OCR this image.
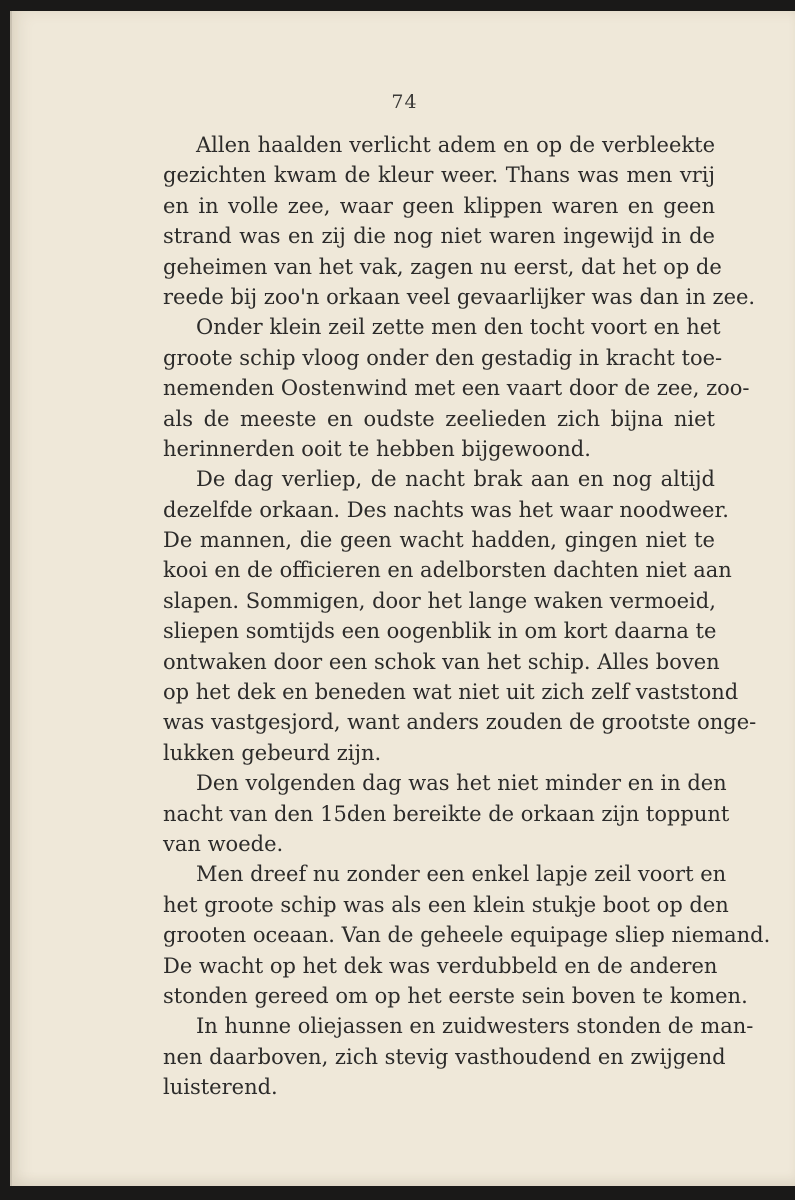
74
Allen haalden verlicht adem en op de verbleekte
gezichten kwam de kleur weer. Thans was men vrij
en in volle zee, waar geen klippen waren en geen
strand was en zij die nog niet waren ingewijd in de
geheimen van het vak, zagen nu eerst, dat het op de
reede bij zoo'n orkaan veel gevaarlijker was dan in zee.
Onder klein zeil zette men den tocht voort en het
groote schip vloog onder den gestadig in kracht toe-
nemenden Oostenwind met een vaart door de zee, zoo-
als de meeste en oudste zeelieden zich bijna niet
herinnerden ooit te hebben bijgewoond.
De dag verliep, de nacht brak aan en nog altijd
dezelfde orkaan. Des nachts was het waar noodweer.
De mannen, die geen wacht hadden, gingen niet te
kooi en de officieren en adelborsten dachten niet aan
slapen. Sommigen, door het lange waken vermoeid,
sliepen somtijds een oogenblik in om kort daarna te
ontwaken door een schok van het schip. Alles boven
op het dek en beneden wat niet uit zich zelf vaststond
was vastgesjord, want anders zouden de grootste onge-
lukken gebeurd zijn.
Den volgenden dag was het niet minder en in den
nacht van den 15den bereikte de orkaan zijn toppunt
van woede.
Men dreef nu zonder een enkel lapje zeil voort en
het groote schip was als een klein stukje boot op den
grooten oceaan. Van de geheele equipage sliep niemand.
De wacht op het dek was verdubbeld en de anderen
stonden gereed om op het eerste sein boven te komen.
In hunne oliejassen en zuidwesters stonden de man-
nen daarboven, zich stevig vasthoudend en zwijgend
luisterend.
